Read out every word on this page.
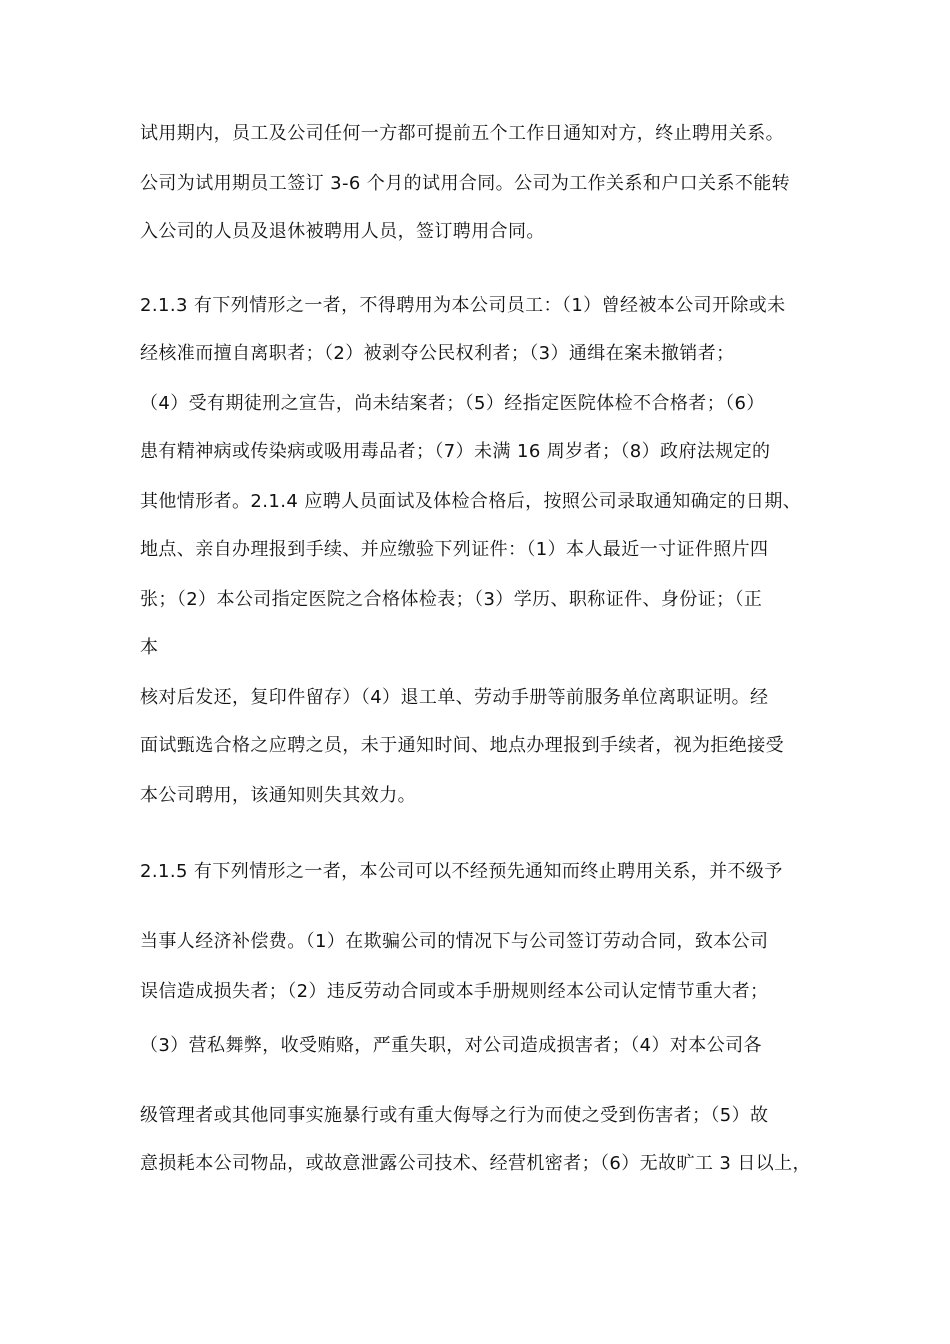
试用期内，员工及公司任何一方都可提前五个工作日通知对方，终止聘用关系。
公司为试用期员工签订 3-6 个月的试用合同。公司为工作关系和户口关系不能转
入公司的人员及退休被聘用人员，签订聘用合同。
2.1.3 有下列情形之一者，不得聘用为本公司员工：（1）曾经被本公司开除或未
经核准而擅自离职者；（2）被剥夺公民权利者；（3）通缉在案未撤销者；
（4）受有期徒刑之宣告，尚未结案者；（5）经指定医院体检不合格者；（6）
患有精神病或传染病或吸用毒品者；（7）未满 16 周岁者；（8）政府法规定的
其他情形者。2.1.4 应聘人员面试及体检合格后，按照公司录取通知确定的日期、
地点、亲自办理报到手续、并应缴验下列证件：（1）本人最近一寸证件照片四
张；（2）本公司指定医院之合格体检表；（3）学历、职称证件、身份证；（正
本
核对后发还，复印件留存）（4）退工单、劳动手册等前服务单位离职证明。经
面试甄选合格之应聘之员，未于通知时间、地点办理报到手续者，视为拒绝接受
本公司聘用，该通知则失其效力。
2.1.5 有下列情形之一者，本公司可以不经预先通知而终止聘用关系，并不级予
当事人经济补偿费。（1）在欺骗公司的情况下与公司签订劳动合同，致本公司
误信造成损失者；（2）违反劳动合同或本手册规则经本公司认定情节重大者；
（3）营私舞弊，收受贿赂，严重失职，对公司造成损害者；（4）对本公司各
级管理者或其他同事实施暴行或有重大侮辱之行为而使之受到伤害者；（5）故
意损耗本公司物品，或故意泄露公司技术、经营机密者；（6）无故旷工 3 日以上，
